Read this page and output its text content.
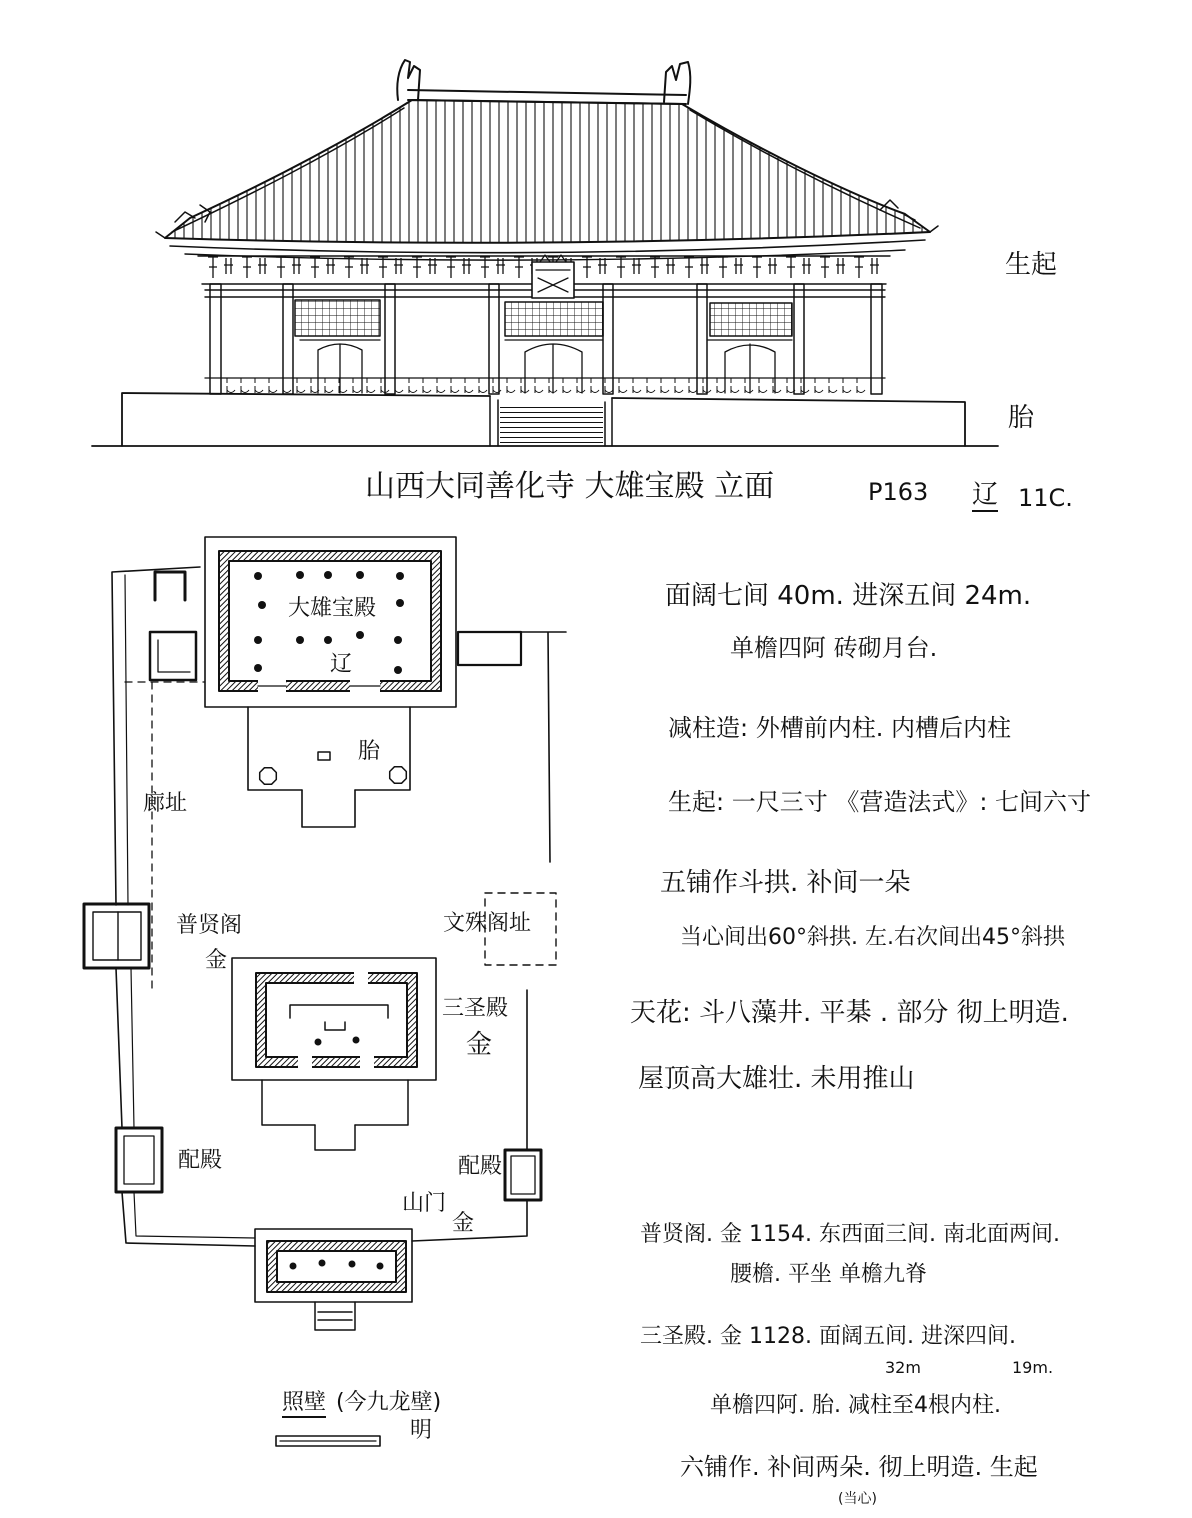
生起
胎
山西大同善化寺 大雄宝殿 立面	P163 辽 11C.
大雄宝殿
辽
胎
廊址
普贤阁
金
文殊阁址
三圣殿
金
配殿	配殿
山门
金
照壁 (今九龙壁)
明
面阔七间 40m. 进深五间 24m.
单檐四阿 砖砌月台.
减柱造: 外槽前内柱. 内槽后内柱
生起: 一尺三寸 《营造法式》: 七间六寸
五铺作斗拱. 补间一朵
当心间出60°斜拱. 左.右次间出45°斜拱
天花: 斗八藻井. 平棊 . 部分 彻上明造.
屋顶高大雄壮. 未用推山
普贤阁. 金 1154. 东西面三间. 南北面两间.
腰檐. 平坐 单檐九脊
三圣殿. 金 1128. 面阔五间. 进深四间.
32m	19m.
单檐四阿. 胎. 减柱至4根内柱.
六铺作. 补间两朵. 彻上明造. 生起
(当心)
